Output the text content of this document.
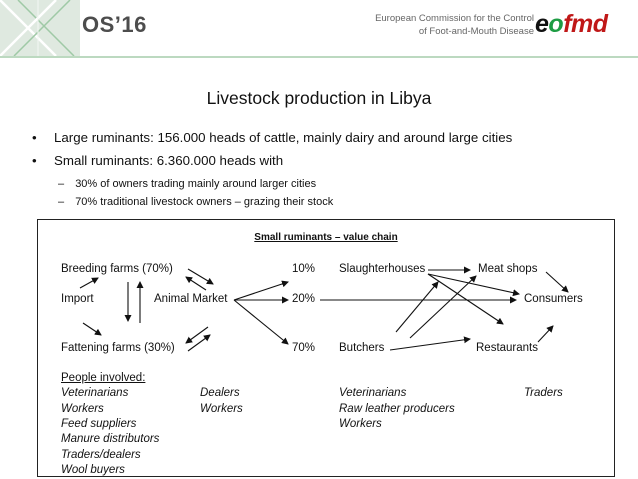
OS’16	European Commission for the Control
of Foot-and-Mouth Disease eofmd
Livestock production in Libya
• Large ruminants: 156.000 heads of cattle, mainly dairy and around large cities
• Small ruminants: 6.360.000 heads with
– 30% of owners trading mainly around larger cities
– 70% traditional livestock owners – grazing their stock
Small ruminants – value chain
Breeding farms (70%)
Import	Animal Market
Fattening farms (30%)
10%
20%
70%
Slaughterhouses
Butchers
Meat shops
Consumers
Restaurants
People involved:
Veterinarians
Workers
Feed suppliers
Manure distributors
Traders/dealers
Wool buyers
Dealers
Workers
Veterinarians
Raw leather producers
Workers
Traders
